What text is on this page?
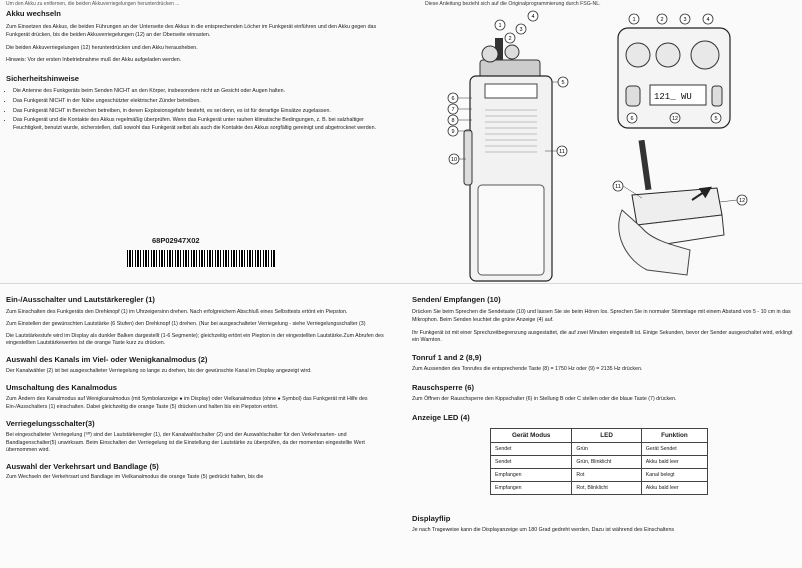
Um den Akku zu entfernen, die beiden Akkuverriegelungen herunterdrücken ...
Akku wechseln

Zum Einsetzen des Akkus, die beiden Führungen an der Unterseite des Akkus in die entsprechenden Löcher im Funkgerät einführen und den Akku gegen das Funkgerät drücken, bis die beiden Akkuverriegelungen (12) an der Oberseite einrasten.

Die beiden Akkuverriegelungen (12) herunterdrücken und den Akku herausheben.

Hinweis: Vor der ersten Inbetriebnahme muß der Akku aufgeladen werden.

Sicherheitshinweise
• Die Antenne des Funkgeräts beim Senden NICHT an den Körper, insbesondere nicht an Gesicht oder Augen halten.
• Das Funkgerät NICHT in der Nähe ungeschützter elektrischer Zünder betreiben.
• Das Funkgerät NICHT in Bereichen betreiben, in denen Explosionsgefahr besteht, es sei denn, es ist für derartige Einsätze zugelassen.
• Das Funkgerät und die Kontakte des Akkus regelmäßig überprüfen. Wenn das Funkgerät unter rauhen klimatische Bedingungen, z. B. bei salzhaltiger Feuchtigkeit, benutzt wurde, sicherstellen, daß sowohl das Funkgerät selbst als auch die Kontakte des Akkus sorgfältig gereinigt und abgetrocknet werden.
68P02947X02
Diese Anleitung bezieht sich auf die Originalprogrammierung durch FSG-NL.
1
2
3
4
5
6
7
8
9
10
11
121_ WU
1	2	3	4
5
6	12
11
12
Ein-/Ausschalter und Lautstärkeregler (1)

Zum Einschalten des Funkgeräts den Drehknopf (1) im Uhrzeigersinn drehen. Nach erfolgreichem Abschluß eines Selbsttests ertönt ein Piepston.

Zum Einstellen der gewünschten Lautstärke (6 Stufen) den Drehknopf (1) drehen. (Nur bei ausgeschalteter Verriegelung - siehe Verriegelungsschalter (3)

Die Lautstärkestufe wird im Display als dunkler Balken dargestellt (1-6 Segmente); gleichzeitig ertönt ein Piepton in der eingestellten Lautstärke.Zum Abrufen des eingestellten Lautstärkewertes ist die orange Taste kurz zu drücken.

Auswahl des Kanals im Viel- oder Wenigkanalmodus (2)

Der Kanalwähler (2) ist bei ausgeschalteter Verriegelung so lange zu drehen, bis der gewünschte Kanal im Display angezeigt wird.

Umschaltung des Kanalmodus

Zum Ändern des Kanalmodus auf Wenigkanalmodus (mit Symbolanzeige ● im Display) oder Vielkanalmodus (ohne ● Symbol) das Funkgerät mit Hilfe des Ein-/Ausschalters (1) einschalten. Dabei gleichzeitig die orange Taste (5) drücken und halten bis ein Piepston ertönt.

Verriegelungsschalter(3)

Bei eingeschalteter Verriegelung (⁵ᴿ) sind der Lautstärkeregler (1), der Kanalwahlschalter (2) und der Auswahlschalter für den Verkehrsarten- und Bandlagenschalter(5) unwirksam. Beim Einschalten der Verriegelung ist die Einstellung der Lautstärke zu überprüfen, da der momentan eingestellte Wert übernommen wird.

Auswahl der Verkehrsart und Bandlage (5)

Zum Wechseln der Verkehrsart und Bandlage im Vielkanalmodus die orange Taste (5) gedrückt halten, bis die

Senden/ Empfangen (10)

Drücken Sie beim Sprechen die Sendetaste (10) und lassen Sie sie beim Hören los. Sprechen Sie in normaler Stimmlage mit einem Abstand von 5 - 10 cm in das Mikrophon. Beim Senden leuchtet die grüne Anzeige (4) auf.

Ihr Funkgerät ist mit einer Sprechzeitbegrenzung ausgestattet, die auf zwei Minuten eingestellt ist. Einige Sekunden, bevor der Sender ausgeschaltet wird, erklingt ein Warnton.

Tonruf 1 and 2 (8,9)

Zum Aussenden des Tonrufes die entsprechende Taste (8) = 1750 Hz oder (9) = 2135 Hz drücken.

Rauschsperre (6)

Zum Öffnen der Rauschsperre den Kippschalter (6) in Stellung B oder C stellen oder die blaue Taste (7) drücken.

Anzeige LED (4)
Gerät Modus	LED	Funktion
Sendet	Grün	Gerät Sendet
Sendet	Grün, Blinklicht	Akku bald leer
Empfangen	Rot	Kanal belegt
Empfangen	Rot, Blinklicht	Akku bald leer
Displayflip

Je nach Trageweise kann die Displayanzeige um 180 Grad gedreht werden. Dazu ist während des Einschaltens
